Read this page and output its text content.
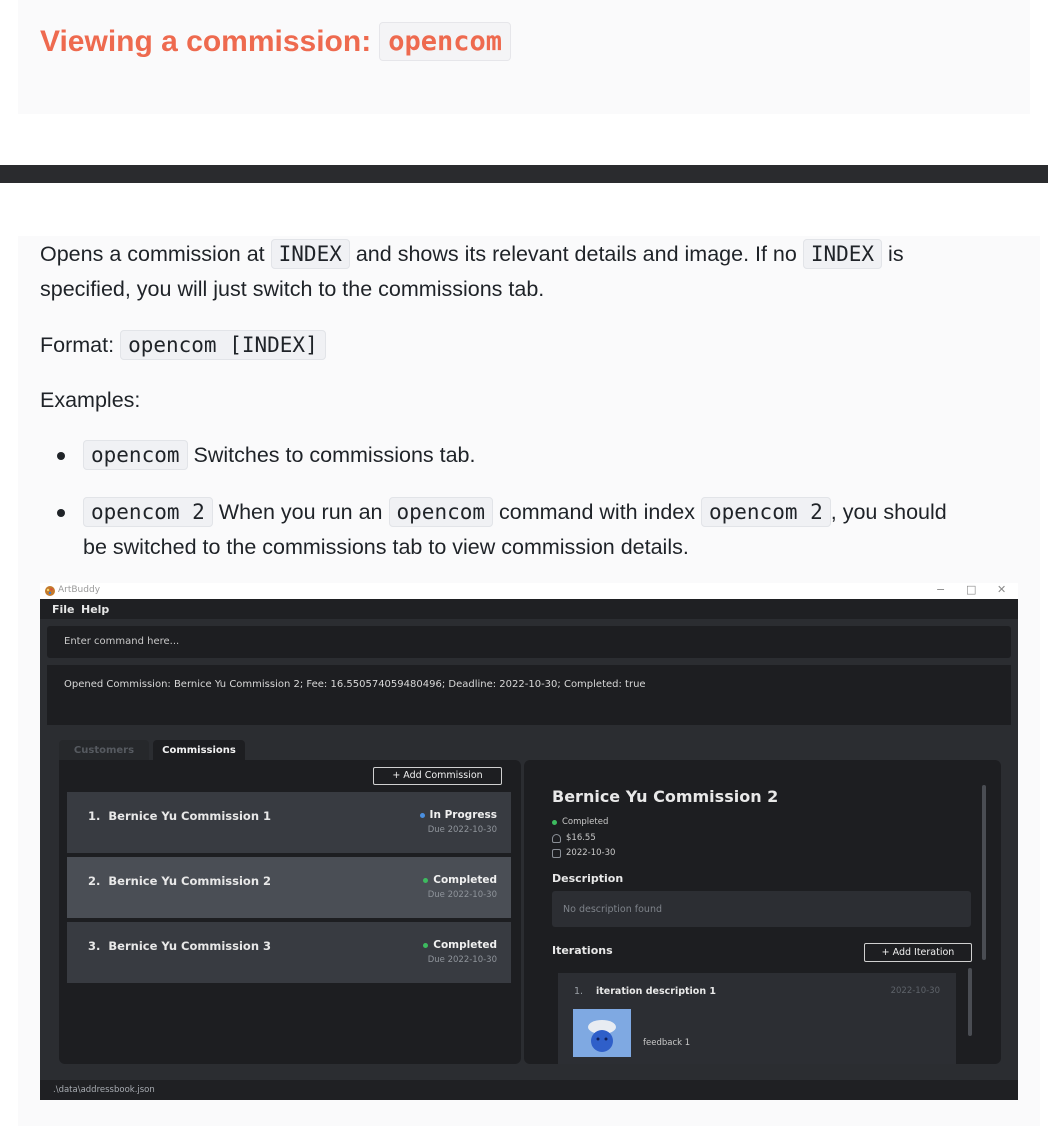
Viewing a commission: opencom
Opens a commission at INDEX and shows its relevant details and image. If no INDEX is
specified, you will just switch to the commissions tab.
Format: opencom [INDEX]
Examples:
opencom Switches to commissions tab.
opencom 2 When you run an opencom command with index opencom 2 , you should
be switched to the commissions tab to view commission details.
ArtBuddy	− □ ✕
File Help
Enter command here...
Opened Commission: Bernice Yu Commission 2; Fee: 16.550574059480496; Deadline: 2022-10-30; Completed: true
Customers	Commissions
+ Add Commission
1. Bernice Yu Commission 1	In Progress
Due 2022-10-30
2. Bernice Yu Commission 2	Completed
Due 2022-10-30
3. Bernice Yu Commission 3	Completed
Due 2022-10-30
Bernice Yu Commission 2
Completed
$16.55
2022-10-30
Description
No description found
Iterations	+ Add Iteration
1. iteration description 1	2022-10-30
feedback 1
.\data\addressbook.json
